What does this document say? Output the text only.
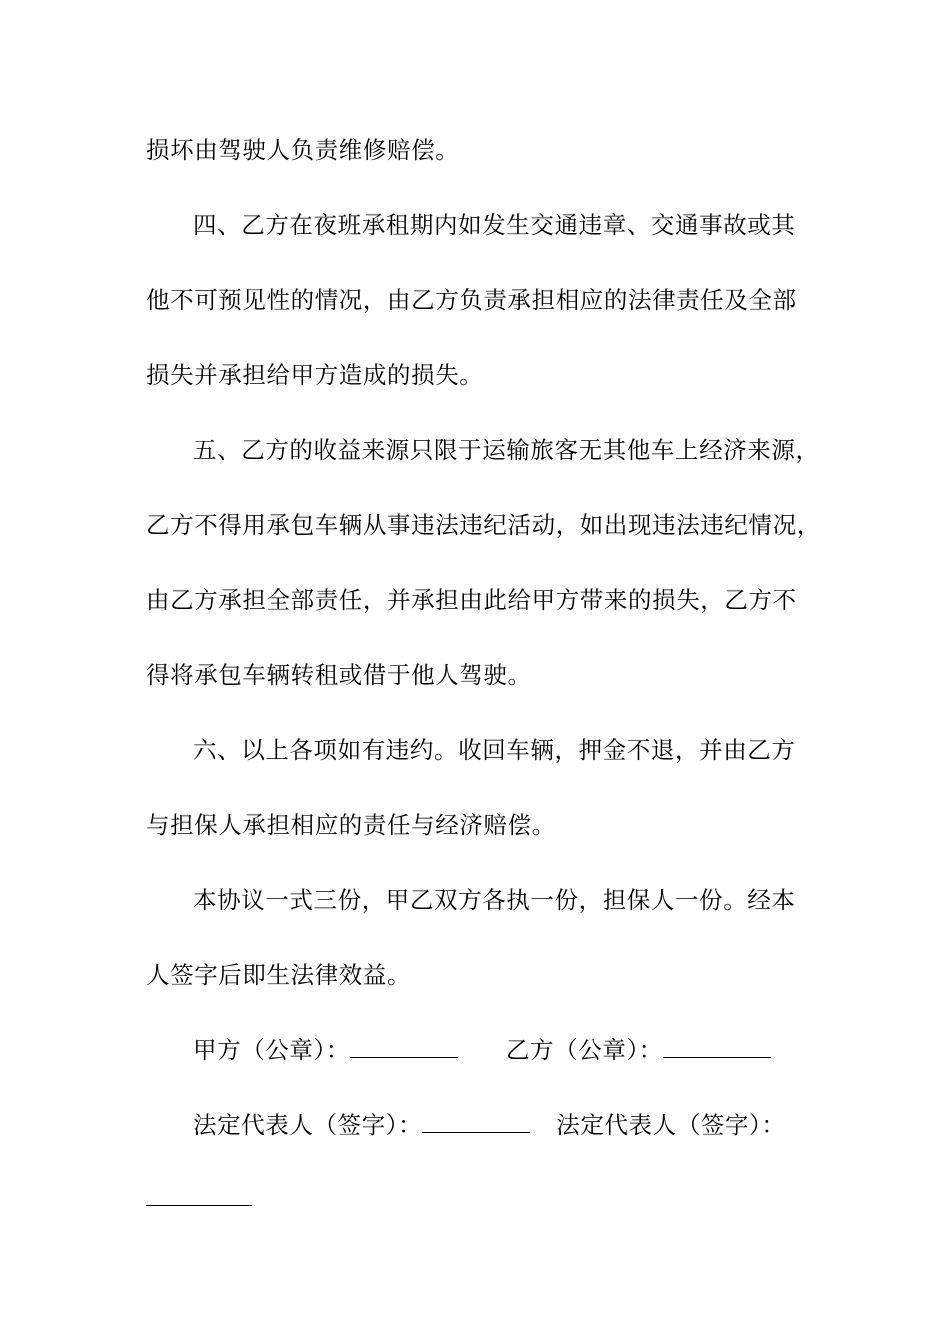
损坏由驾驶人负责维修赔偿。
四、乙方在夜班承租期内如发生交通违章、交通事故或其
他不可预见性的情况，由乙方负责承担相应的法律责任及全部
损失并承担给甲方造成的损失。
五、乙方的收益来源只限于运输旅客无其他车上经济来源，
乙方不得用承包车辆从事违法违纪活动，如出现违法违纪情况，
由乙方承担全部责任，并承担由此给甲方带来的损失，乙方不
得将承包车辆转租或借于他人驾驶。
六、以上各项如有违约。收回车辆，押金不退，并由乙方
与担保人承担相应的责任与经济赔偿。
本协议一式三份，甲乙双方各执一份，担保人一份。经本
人签字后即生法律效益。
甲方（公章）：	乙方（公章）：
法定代表人（签字）：	法定代表人（签字）：
